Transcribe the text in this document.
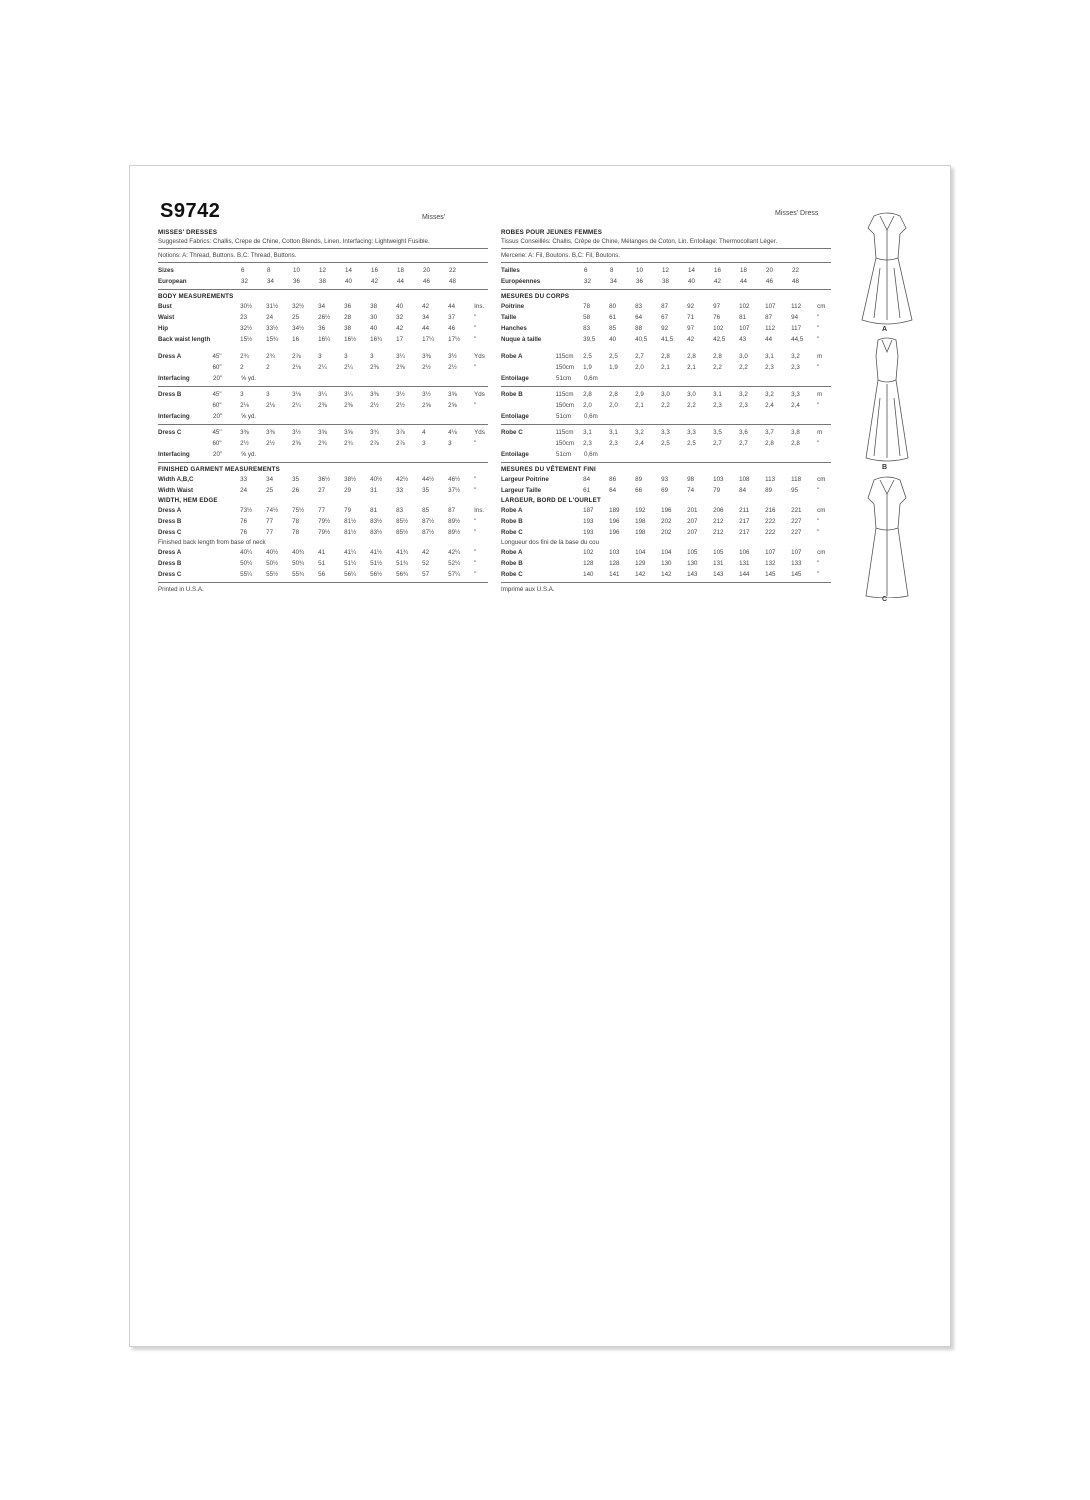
S9742	Misses'
Misses' Dress
MISSES' DRESSES
Suggested Fabrics: Challis, Crepe de Chine, Cotton Blends, Linen. Interfacing: Lightweight Fusible.
Notions: A: Thread, Buttons. B,C: Thread, Buttons.
Sizes	6	8	10	12	14	16	18	20	22
European	32	34	36	38	40	42	44	46	48
BODY MEASUREMENTS
Bust	30½	31½	32½	34	36	38	40	42	44	Ins.
Waist	23	24	25	26½	28	30	32	34	37	"
Hip	32½	33½	34½	36	38	40	42	44	46	"
Back waist length	15½	15¾	16	16¼	16½	16¾	17	17¼	17½	"
Dress A	45"	2¾	2¾	2⅞	3	3	3	3¼	3⅜	3½	Yds
60"	2	2	2⅛	2¼	2¼	2⅜	2⅜	2½	2½	"
Interfacing	20"	⅝ yd.
Dress B	45"	3	3	3⅛	3¼	3¼	3⅜	3½	3½	3⅝	Yds
60"	2⅛	2⅛	2¼	2⅜	2⅜	2½	2½	2⅝	2⅝	"
Interfacing	20"	⅝ yd.
Dress C	45"	3⅜	3⅜	3½	3⅝	3⅝	3¾	3⅞	4	4⅛	Yds
60"	2½	2½	2⅝	2¾	2¾	2⅞	2⅞	3	3	"
Interfacing	20"	⅝ yd.
FINISHED GARMENT MEASUREMENTS
Width A,B,C	33	34	35	36½	38½	40½	42½	44½	46½	"
Width Waist	24	25	26	27	29	31	33	35	37½	"
WIDTH, HEM EDGE
Dress A	73½	74½	75½	77	79	81	83	85	87	Ins.
Dress B	76	77	78	79½	81½	83½	85½	87½	89½	"
Dress C	76	77	78	79½	81½	83½	85½	87½	89½	"
Finished back length from base of neck
Dress A	40¼	40½	40¾	41	41¼	41½	41¾	42	42¼	"
Dress B	50¼	50½	50¾	51	51¼	51½	51¾	52	52¼	"
Dress C	55¼	55½	55¾	56	56¼	56½	56¾	57	57¼	"
Printed in U.S.A.
ROBES POUR JEUNES FEMMES
Tissus Conseillés: Challis, Crêpe de Chine, Mélanges de Coton, Lin. Entoilage: Thermocollant Léger.
Mercerie: A: Fil, Boutons. B,C: Fil, Boutons.
Tailles	6	8	10	12	14	16	18	20	22
Européennes	32	34	36	38	40	42	44	46	48
MESURES DU CORPS
Poitrine	78	80	83	87	92	97	102	107	112	cm
Taille	58	61	64	67	71	76	81	87	94	"
Hanches	83	85	88	92	97	102	107	112	117	"
Nuque à taille	39,5	40	40,5	41,5	42	42,5	43	44	44,5	"
Robe A	115cm	2,5	2,5	2,7	2,8	2,8	2,8	3,0	3,1	3,2	m
150cm	1,9	1,9	2,0	2,1	2,1	2,2	2,2	2,3	2,3	"
Entoilage	51cm	0,6m
Robe B	115cm	2,8	2,8	2,9	3,0	3,0	3,1	3,2	3,2	3,3	m
150cm	2,0	2,0	2,1	2,2	2,2	2,3	2,3	2,4	2,4	"
Entoilage	51cm	0,6m
Robe C	115cm	3,1	3,1	3,2	3,3	3,3	3,5	3,6	3,7	3,8	m
150cm	2,3	2,3	2,4	2,5	2,5	2,7	2,7	2,8	2,8	"
Entoilage	51cm	0,6m
MESURES DU VÊTEMENT FINI
Largeur Poitrine	84	86	89	93	98	103	108	113	118	cm
Largeur Taille	61	64	66	69	74	79	84	89	95	"
LARGEUR, BORD DE L'OURLET
Robe A	187	189	192	196	201	206	211	216	221	cm
Robe B	193	196	198	202	207	212	217	222	227	"
Robe C	193	196	198	202	207	212	217	222	227	"
Longueur dos fini de la base du cou
Robe A	102	103	104	104	105	105	106	107	107	cm
Robe B	128	128	129	130	130	131	131	132	133	"
Robe C	140	141	142	142	143	143	144	145	145	"
Imprimé aux U.S.A.
A
B
C
